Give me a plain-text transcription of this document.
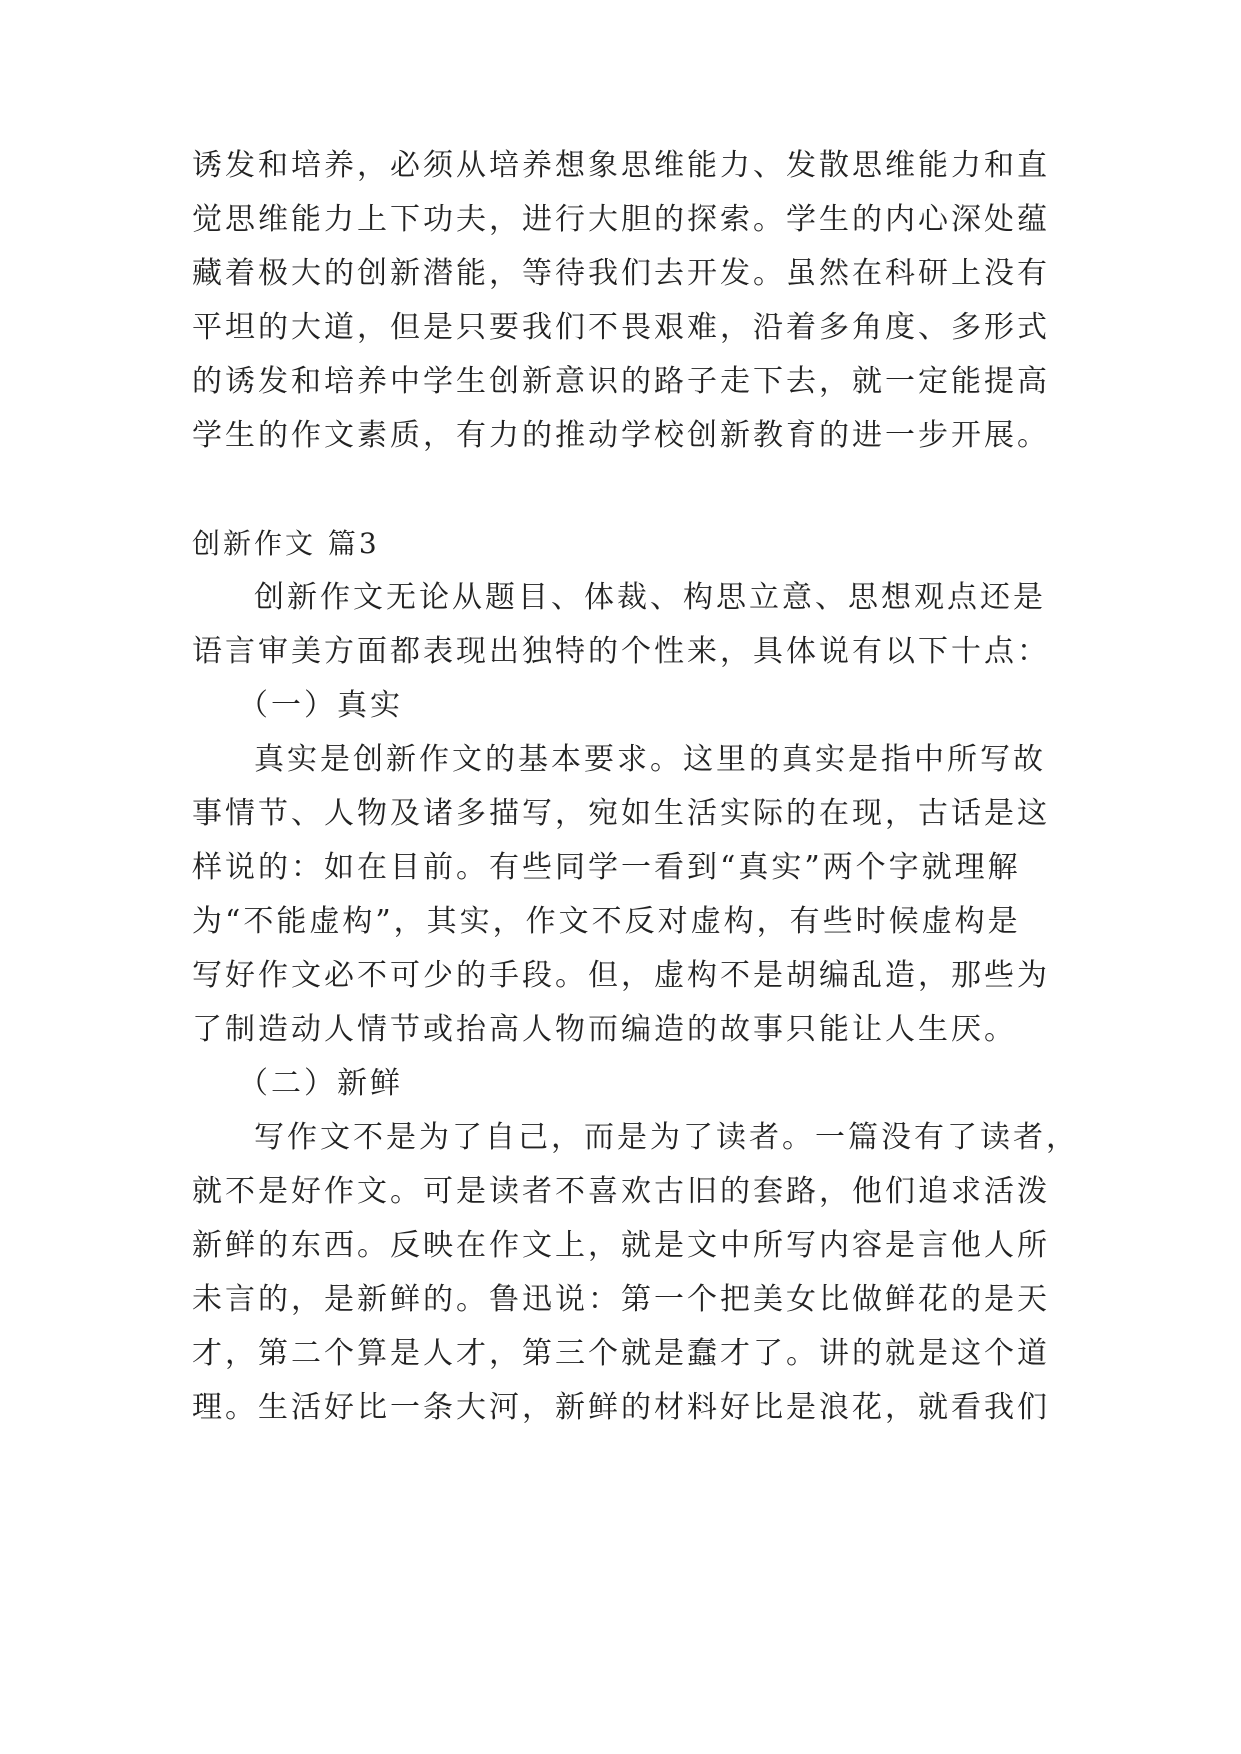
诱发和培养，必须从培养想象思维能力、发散思维能力和直

觉思维能力上下功夫，进行大胆的探索。学生的内心深处蕴

藏着极大的创新潜能，等待我们去开发。虽然在科研上没有

平坦的大道，但是只要我们不畏艰难，沿着多角度、多形式

的诱发和培养中学生创新意识的路子走下去，就一定能提高

学生的作文素质，有力的推动学校创新教育的进一步开展。

创新作文 篇3

创新作文无论从题目、体裁、构思立意、思想观点还是

语言审美方面都表现出独特的个性来，具体说有以下十点：

（一）真实

真实是创新作文的基本要求。这里的真实是指中所写故

事情节、人物及诸多描写，宛如生活实际的在现，古话是这

样说的：如在目前。有些同学一看到“真实”两个字就理解

为“不能虚构”，其实，作文不反对虚构，有些时候虚构是

写好作文必不可少的手段。但，虚构不是胡编乱造，那些为

了制造动人情节或抬高人物而编造的故事只能让人生厌。

（二）新鲜

写作文不是为了自己，而是为了读者。一篇没有了读者，

就不是好作文。可是读者不喜欢古旧的套路，他们追求活泼

新鲜的东西。反映在作文上，就是文中所写内容是言他人所

未言的，是新鲜的。鲁迅说：第一个把美女比做鲜花的是天

才，第二个算是人才，第三个就是蠢才了。讲的就是这个道

理。生活好比一条大河，新鲜的材料好比是浪花，就看我们
